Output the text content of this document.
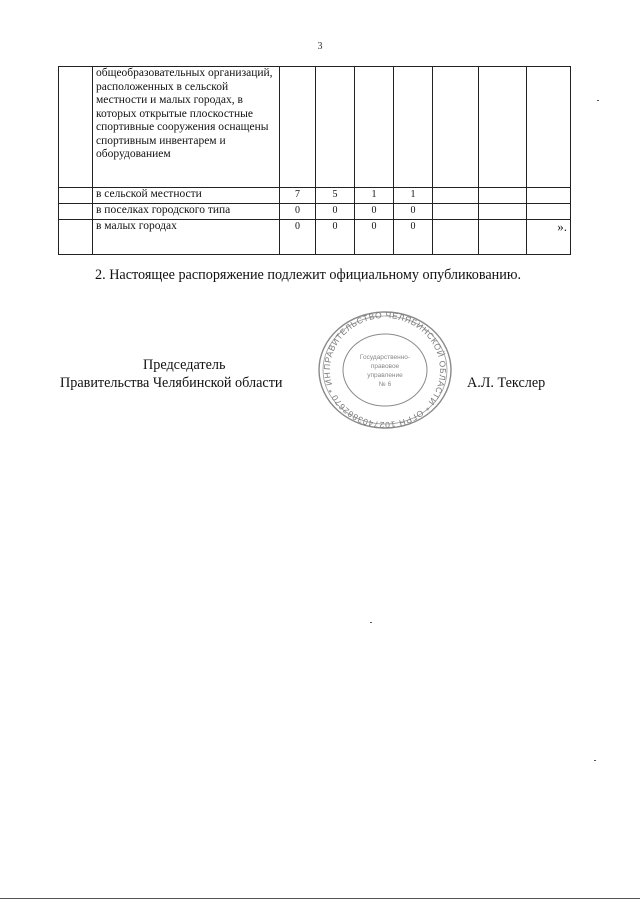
3
	общеобразовательных организаций, расположенных в сельской местности и малых городах, в которых открытые плоскостные спортивные сооружения оснащены спортивным инвентарем и оборудованием							
	в сельской местности	7	5	1	1			
	в поселках городского типа	0	0	0	0			
	в малых городах	0	0	0	0			».
2. Настоящее распоряжение подлежит официальному опубликованию.
Председатель
Правительства Челябинской области	А.Л. Текслер
ПРАВИТЕЛЬСТВО ЧЕЛЯБИНСКОЙ ОБЛАСТИ * ОГРН 1027403882670 * ИН
Государственно-
правовое
управление
№ 6
